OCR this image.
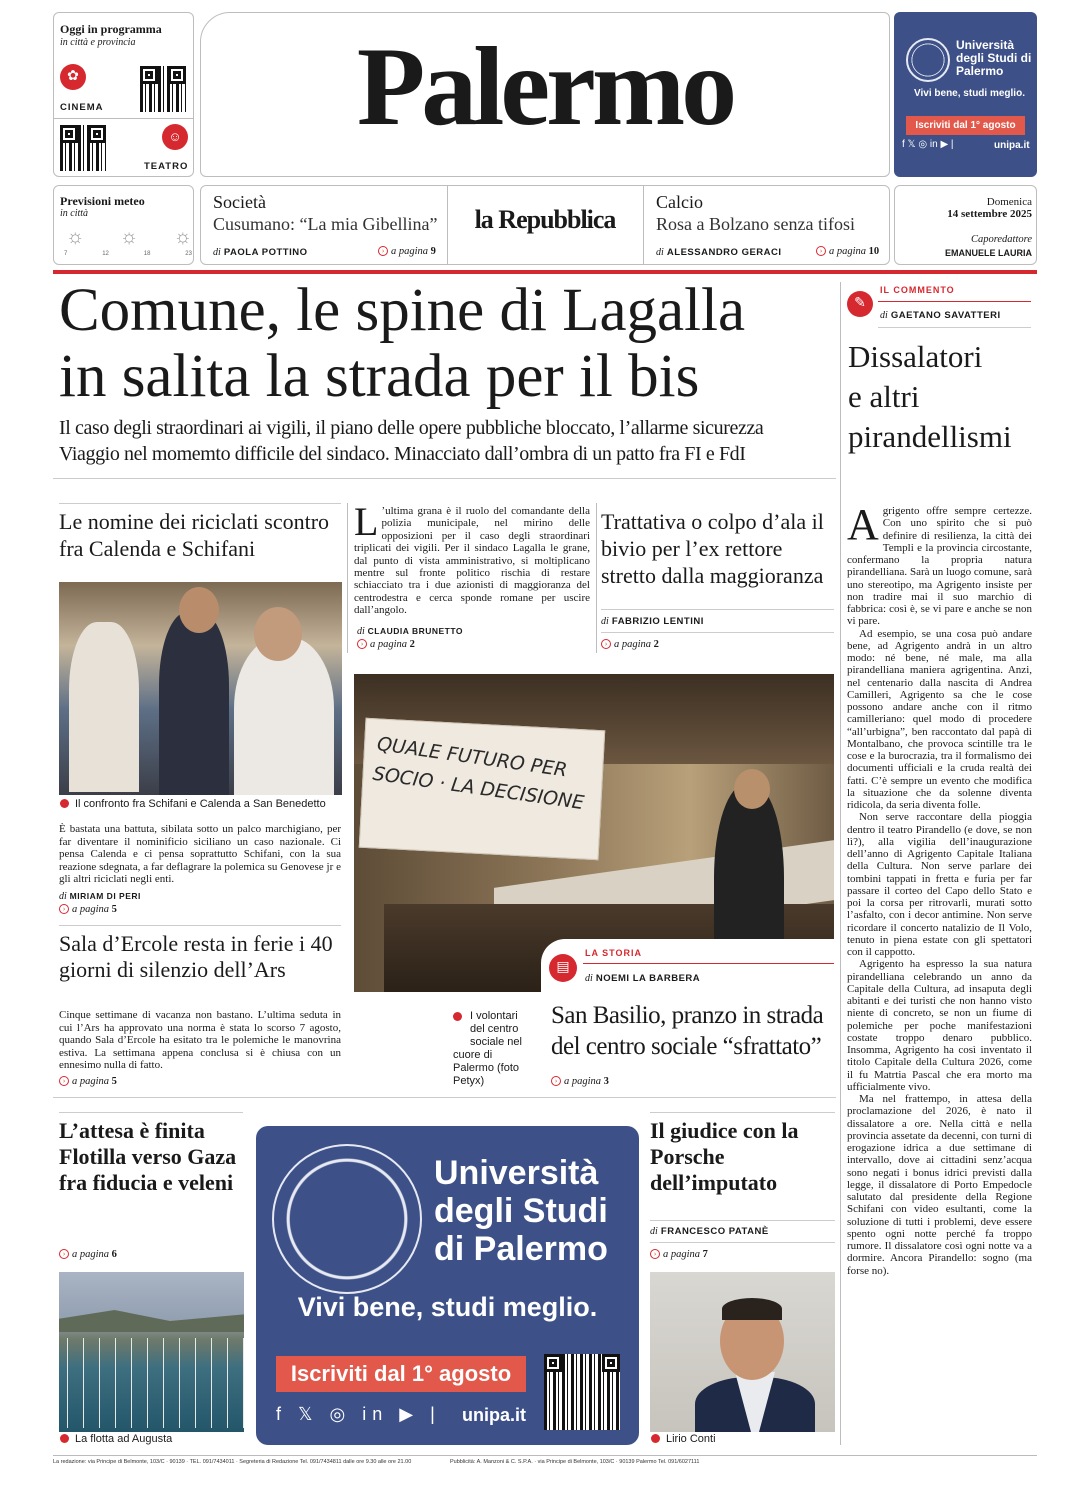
Oggi in programma
in città e provincia
✿
CINEMA
☺
TEATRO
Palermo	Università degli Studi di Palermo
Vivi bene, studi meglio.
Iscriviti dal 1° agosto
f 𝕏 ◎ in ▶ |	unipa.it
Previsioni meteo
in città
☼ ☼ ☼
7	12	18	23
Società
Cusumano: “La mia Gibellina”
di PAOLA POTTINO	› a pagina 9
la Repubblica
Calcio
Rosa a Bolzano senza tifosi
di ALESSANDRO GERACI	› a pagina 10
Domenica
14 settembre 2025
Caporedattore
EMANUELE LAURIA
Comune, le spine di Lagalla
in salita la strada per il bis
Il caso degli straordinari ai vigili, il piano delle opere pubbliche bloccato, l’allarme sicurezza
Viaggio nel momemto difficile del sindaco. Minacciato dall’ombra di un patto fra FI e FdI
✎
IL COMMENTO
di GAETANO SAVATTERI
Dissalatori
e altri
pirandellismi
Agrigento offre sempre certezze. Con uno spirito che si può definire di resilienza, la città dei Templi e la provincia circostante, confermano la propria natura pirandelliana. Sarà un luogo comune, sarà uno stereotipo, ma Agrigento insiste per non tradire mai il suo marchio di fabbrica: così è, se vi pare e anche se non vi pare.

Ad esempio, se una cosa può andare bene, ad Agrigento andrà in un altro modo: né bene, né male, ma alla pirandelliana maniera agrigentina. Anzi, nel centenario dalla nascita di Andrea Camilleri, Agrigento sa che le cose possono andare anche con il ritmo camilleriano: quel modo di procedere “all’urbigna”, ben raccontato dal papà di Montalbano, che provoca scintille tra le cose e la burocrazia, tra il formalismo dei documenti ufficiali e la cruda realtà dei fatti. C’è sempre un evento che modifica la situazione che da solenne diventa ridicola, da seria diventa folle.

Non serve raccontare della pioggia dentro il teatro Pirandello (e dove, se non lì?), alla vigilia dell’inaugurazione dell’anno di Agrigento Capitale Italiana della Cultura. Non serve parlare dei tombini tappati in fretta e furia per far passare il corteo del Capo dello Stato e poi la corsa per ritrovarli, murati sotto l’asfalto, con i decor antimine. Non serve ricordare il concerto natalizio de Il Volo, tenuto in piena estate con gli spettatori con il cappotto.

Agrigento ha espresso la sua natura pirandelliana celebrando un anno da Capitale della Cultura, ad insaputa degli abitanti e dei turisti che non hanno visto niente di concreto, se non un fiume di polemiche per poche manifestazioni costate troppo denaro pubblico. Insomma, Agrigento ha così inventato il titolo Capitale della Cultura 2026, come il fu Matrtia Pascal che era morto ma ufficialmente vivo.

Ma nel frattempo, in attesa della proclamazione del 2026, è nato il dissalatore a ore. Nella città e nella provincia assetate da decenni, con turni di erogazione idrica a due settimane di intervallo, dove ai cittadini senz’acqua sono negati i bonus idrici previsti dalla legge, il dissalatore di Porto Empedocle salutato dal presidente della Regione Schifani con video esultanti, come la soluzione di tutti i problemi, deve essere spento ogni notte perché fa troppo rumore. Il dissalatore così ogni notte va a dormire. Ancora Pirandello: sogno (ma forse no).

Le nomine dei riciclati scontro fra Calenda e Schifani
Il confronto fra Schifani e Calenda a San Benedetto
È bastata una battuta, sibilata sotto un palco marchigiano, per far diventare il nominificio siciliano un caso nazionale. Ci pensa Calenda e ci pensa soprattutto Schifani, con la sua reazione sdegnata, a far deflagrare la polemica su Genovese jr e gli altri riciclati negli enti.
di MIRIAM DI PERI
› a pagina 5
Sala d’Ercole resta in ferie i 40 giorni di silenzio dell’Ars
Cinque settimane di vacanza non bastano. L’ultima seduta in cui l’Ars ha approvato una norma è stata lo scorso 7 agosto, quando Sala d’Ercole ha esitato tra le polemiche le manovrina estiva. La settimana appena conclusa si è chiusa con un ennesimo nulla di fatto.
› a pagina 5
L ’ultima grana è il ruolo del comandante della polizia municipale, nel mirino delle opposizioni per il caso degli straordinari triplicati dei vigili. Per il sindaco Lagalla le grane, dal punto di vista amministrativo, si moltiplicano mentre sul fronte politico rischia di restare schiacciato tra i due azionisti di maggioranza del centrodestra e cerca sponde romane per uscire dall’angolo.
di CLAUDIA BRUNETTO
› a pagina 2
Trattativa o colpo d’ala il bivio per l’ex rettore stretto dalla maggioranza
di FABRIZIO LENTINI
› a pagina 2
QUALE FUTURO PER SOCIO · LA DECISIONE
▤
LA STORIA
di NOEMI LA BARBERA
I volontari del centro sociale nel cuore di Palermo (foto Petyx)
San Basilio, pranzo in strada del centro sociale “sfrattato”
› a pagina 3
L’attesa è finita Flotilla verso Gaza fra fiducia e veleni
› a pagina 6
La flotta ad Augusta
Università
degli Studi
di Palermo
Vivi bene, studi meglio.
Iscriviti dal 1° agosto
f 𝕏 ◎ in ▶ | unipa.it
Il giudice con la Porsche dell’imputato
di FRANCESCO PATANÈ
› a pagina 7
Lirio Conti
La redazione: via Principe di Belmonte, 103/C · 90139 · TEL. 091/7434011 · Segreteria di Redazione Tel. 091/7434811 dalle ore 9.30 alle ore 21.00	Pubblicità: A. Manzoni & C. S.P.A. · via Principe di Belmonte, 103/C · 90139 Palermo Tel. 091/6027111
